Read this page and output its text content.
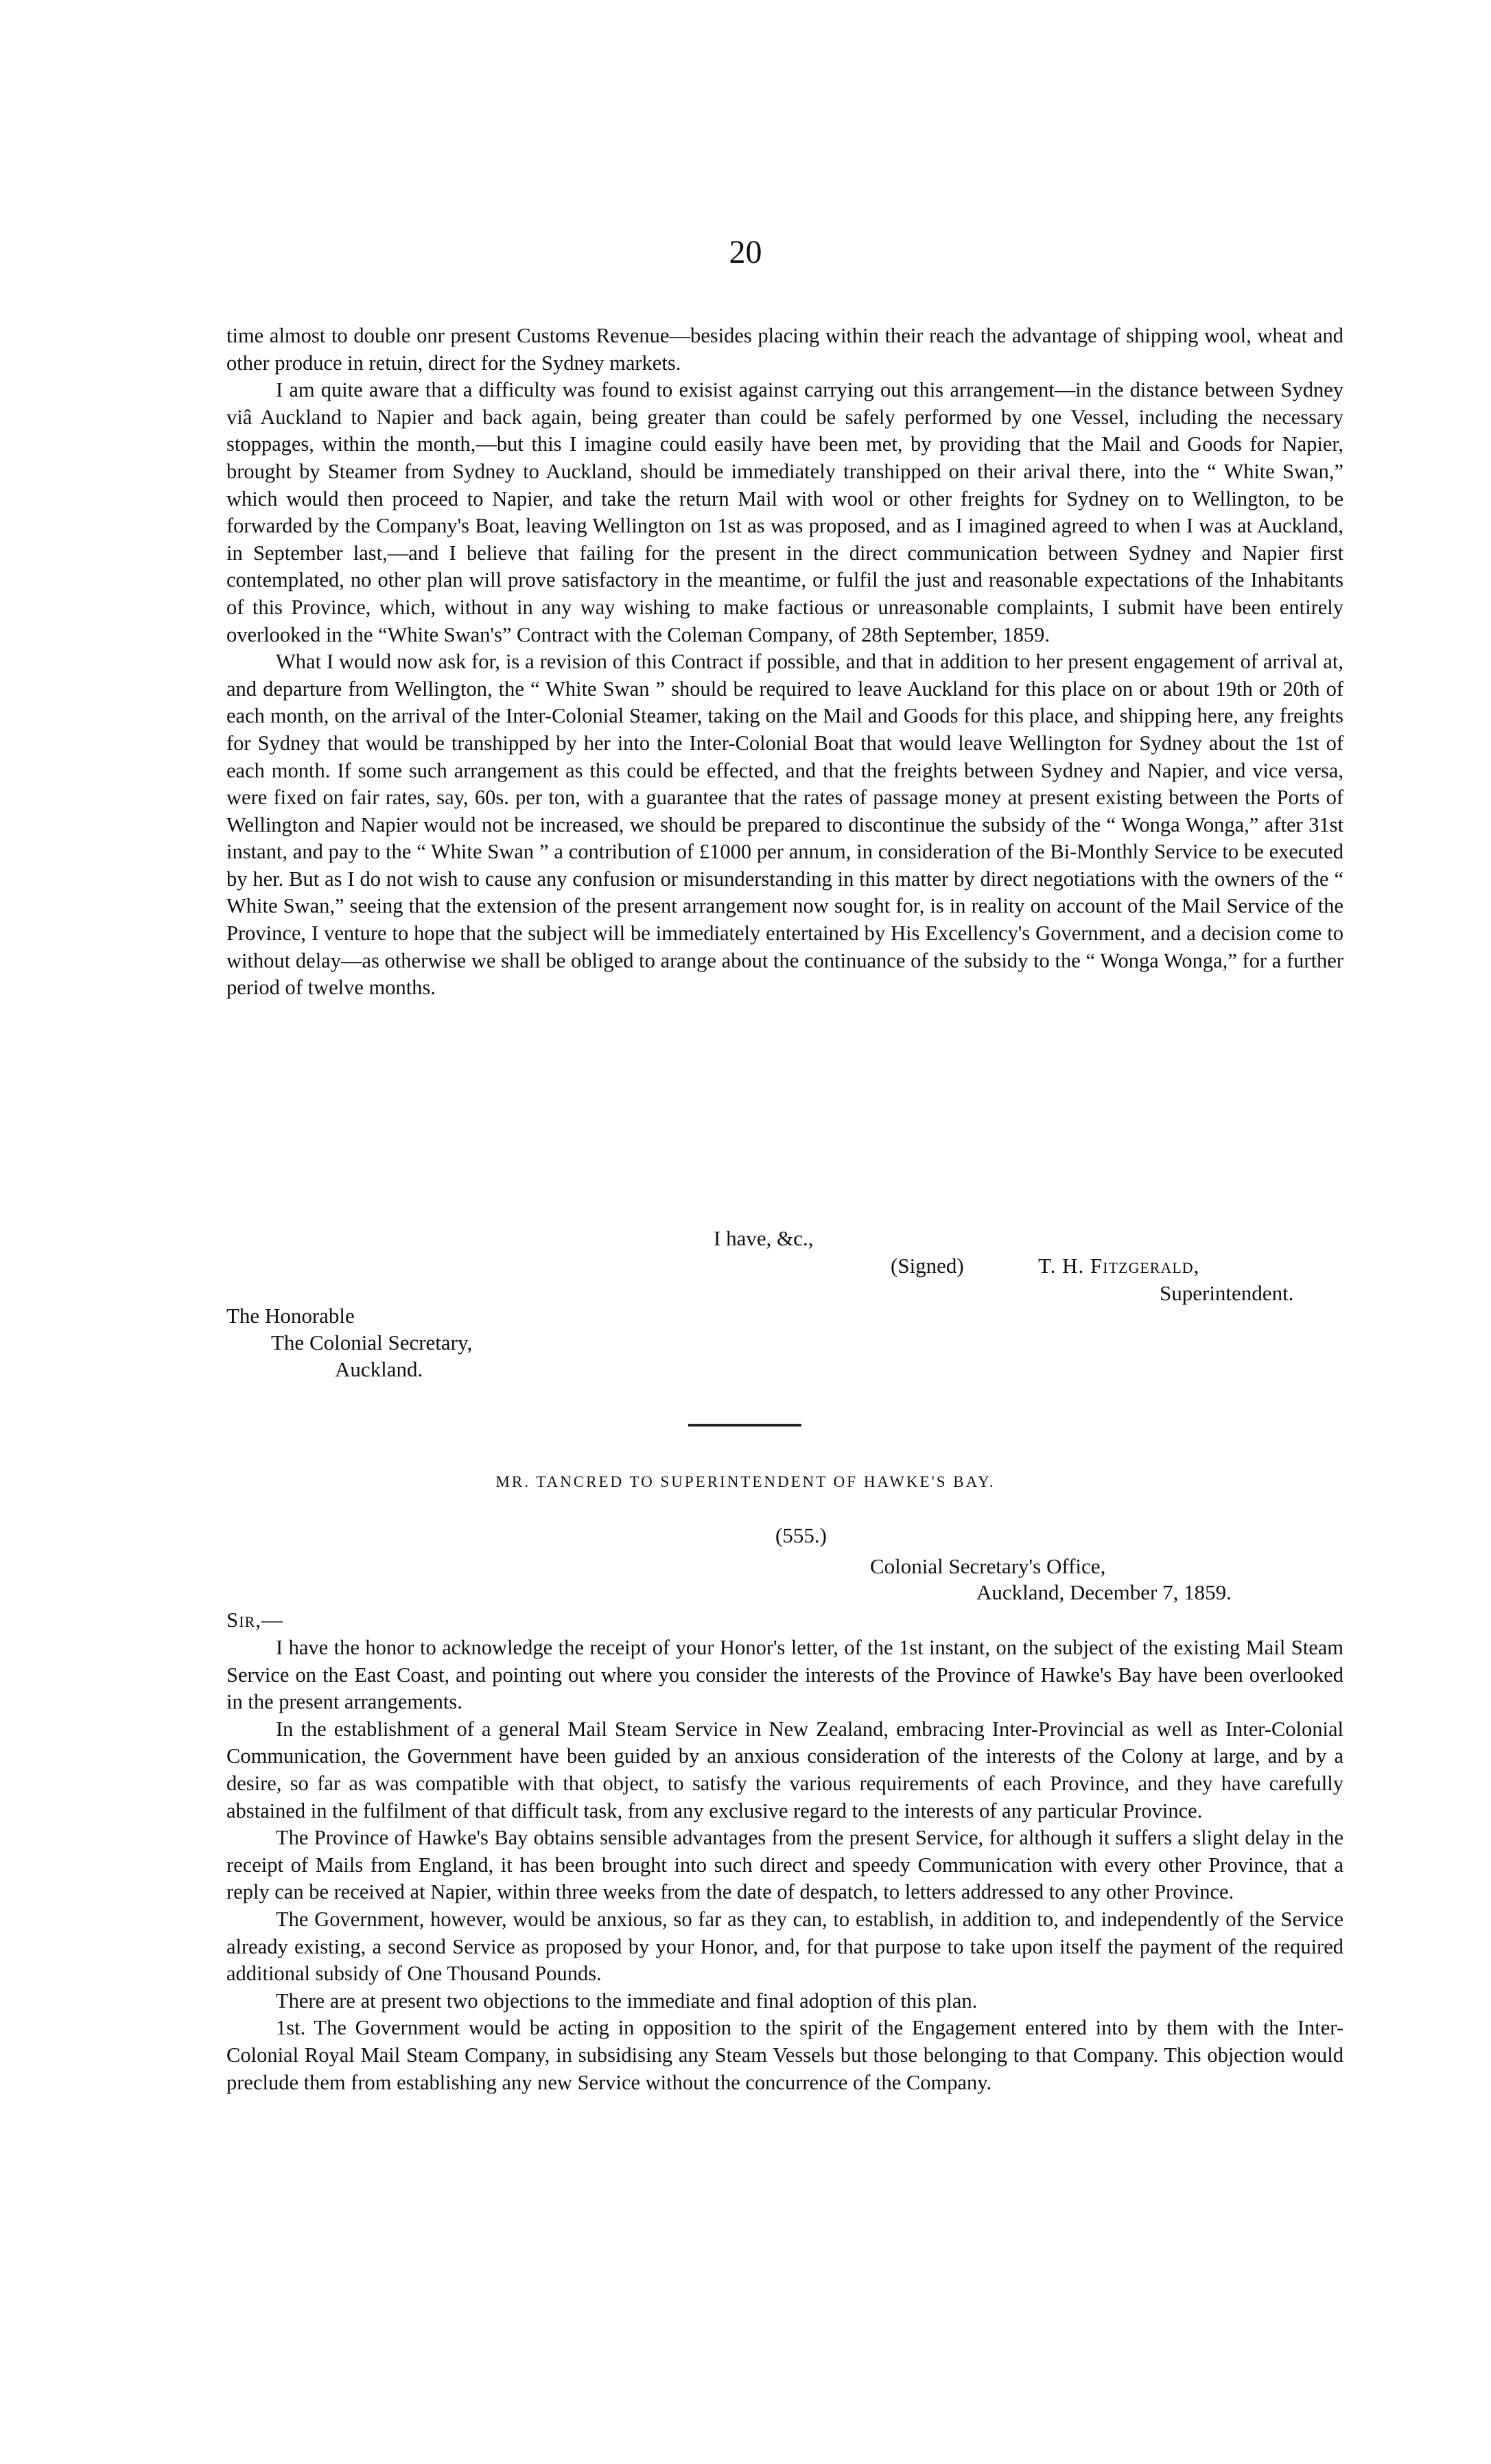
20

time almost to double onr present Customs Revenue—besides placing within their reach the advantage of shipping wool, wheat and other produce in retuin, direct for the Sydney markets.

I am quite aware that a difficulty was found to exisist against carrying out this arrangement—in the distance between Sydney viâ Auckland to Napier and back again, being greater than could be safely performed by one Vessel, including the necessary stoppages, within the month,—but this I imagine could easily have been met, by providing that the Mail and Goods for Napier, brought by Steamer from Sydney to Auckland, should be immediately transhipped on their arival there, into the “ White Swan,” which would then proceed to Napier, and take the return Mail with wool or other freights for Sydney on to Wellington, to be forwarded by the Company's Boat, leaving Wellington on 1st as was proposed, and as I imagined agreed to when I was at Auckland, in September last,—and I believe that failing for the present in the direct communication between Sydney and Napier first contemplated, no other plan will prove satisfactory in the meantime, or fulfil the just and reasonable expectations of the Inhabitants of this Province, which, without in any way wishing to make factious or unreasonable complaints, I submit have been entirely overlooked in the “White Swan's” Contract with the Coleman Company, of 28th September, 1859.

What I would now ask for, is a revision of this Contract if possible, and that in addition to her present engagement of arrival at, and departure from Wellington, the “ White Swan ” should be required to leave Auckland for this place on or about 19th or 20th of each month, on the arrival of the Inter-Colonial Steamer, taking on the Mail and Goods for this place, and shipping here, any freights for Sydney that would be transhipped by her into the Inter-Colonial Boat that would leave Wellington for Sydney about the 1st of each month. If some such arrangement as this could be effected, and that the freights between Sydney and Napier, and vice versa, were fixed on fair rates, say, 60s. per ton, with a guarantee that the rates of passage money at present existing between the Ports of Wellington and Napier would not be increased, we should be prepared to discontinue the subsidy of the “ Wonga Wonga,” after 31st instant, and pay to the “ White Swan ” a contribution of £1000 per annum, in consideration of the Bi-Monthly Service to be executed by her. But as I do not wish to cause any confusion or misunderstanding in this matter by direct negotiations with the owners of the “ White Swan,” seeing that the extension of the present arrangement now sought for, is in reality on account of the Mail Service of the Province, I venture to hope that the subject will be immediately entertained by His Excellency's Government, and a decision come to without delay—as otherwise we shall be obliged to arange about the continuance of the subsidy to the “ Wonga Wonga,” for a further period of twelve months.

I have, &c.,
(Signed)	T. H. Fitzgerald,
Superintendent.
The Honorable
The Colonial Secretary,
Auckland.
MR. TANCRED TO SUPERINTENDENT OF HAWKE'S BAY.
(555.)
Colonial Secretary's Office,
Auckland, December 7, 1859.
Sir,—

I have the honor to acknowledge the receipt of your Honor's letter, of the 1st instant, on the subject of the existing Mail Steam Service on the East Coast, and pointing out where you consider the interests of the Province of Hawke's Bay have been overlooked in the present arrangements.

In the establishment of a general Mail Steam Service in New Zealand, embracing Inter-Provincial as well as Inter-Colonial Communication, the Government have been guided by an anxious consideration of the interests of the Colony at large, and by a desire, so far as was compatible with that object, to satisfy the various requirements of each Province, and they have carefully abstained in the fulfilment of that difficult task, from any exclusive regard to the interests of any particular Province.

The Province of Hawke's Bay obtains sensible advantages from the present Service, for although it suffers a slight delay in the receipt of Mails from England, it has been brought into such direct and speedy Communication with every other Province, that a reply can be received at Napier, within three weeks from the date of despatch, to letters addressed to any other Province.

The Government, however, would be anxious, so far as they can, to establish, in addition to, and independently of the Service already existing, a second Service as proposed by your Honor, and, for that purpose to take upon itself the payment of the required additional subsidy of One Thousand Pounds.

There are at present two objections to the immediate and final adoption of this plan.

1st. The Government would be acting in opposition to the spirit of the Engagement entered into by them with the Inter-Colonial Royal Mail Steam Company, in subsidising any Steam Vessels but those belonging to that Company. This objection would preclude them from establishing any new Service without the concurrence of the Company.
